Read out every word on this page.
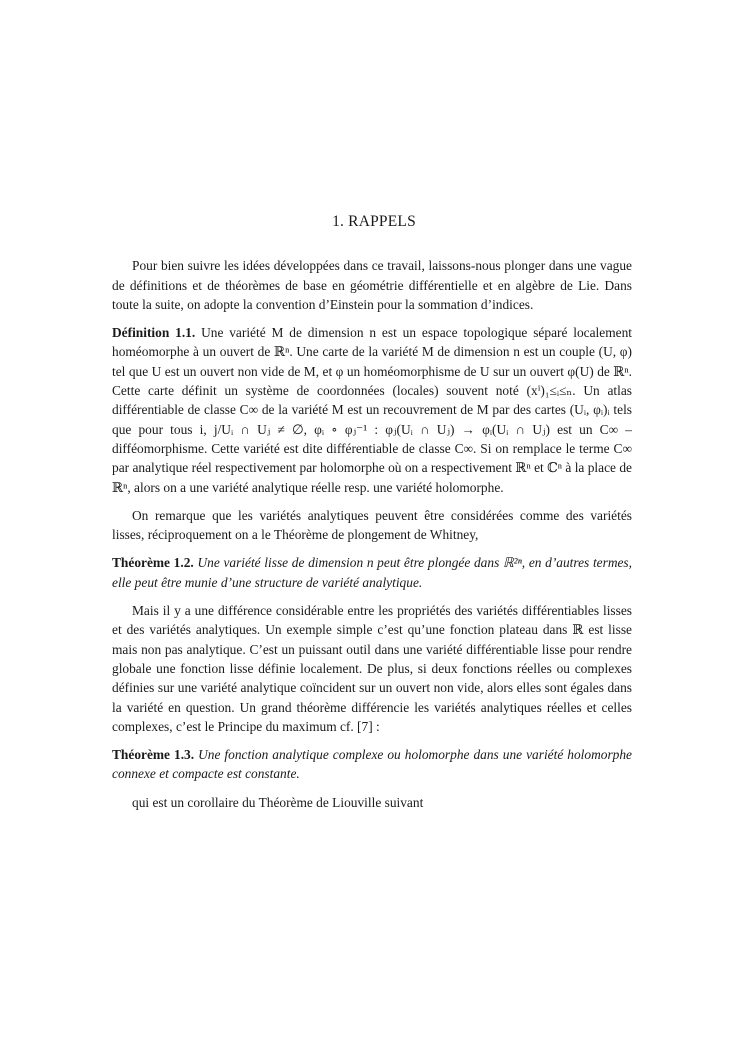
1. RAPPELS

Pour bien suivre les idées développées dans ce travail, laissons-nous plonger dans une vague de définitions et de théorèmes de base en géométrie différentielle et en algèbre de Lie. Dans toute la suite, on adopte la convention d’Einstein pour la sommation d’indices.

Définition 1.1. Une variété M de dimension n est un espace topologique séparé localement homéomorphe à un ouvert de ℝⁿ. Une carte de la variété M de dimension n est un couple (U, φ) tel que U est un ouvert non vide de M, et φ un homéomorphisme de U sur un ouvert φ(U) de ℝⁿ. Cette carte définit un système de coordonnées (locales) souvent noté (xⁱ)₁≤ᵢ≤ₙ. Un atlas différentiable de classe C∞ de la variété M est un recouvrement de M par des cartes (Uᵢ, φᵢ)ᵢ tels que pour tous i, j/Uᵢ ∩ Uⱼ ≠ ∅, φᵢ ∘ φⱼ⁻¹ : φⱼ(Uᵢ ∩ Uⱼ) → φᵢ(Uᵢ ∩ Uⱼ) est un C∞ – difféomorphisme. Cette variété est dite différentiable de classe C∞. Si on remplace le terme C∞ par analytique réel respectivement par holomorphe où on a respectivement ℝⁿ et ℂⁿ à la place de ℝⁿ, alors on a une variété analytique réelle resp. une variété holomorphe.

On remarque que les variétés analytiques peuvent être considérées comme des variétés lisses, réciproquement on a le Théorème de plongement de Whitney,

Théorème 1.2. Une variété lisse de dimension n peut être plongée dans ℝ²ⁿ, en d’autres termes, elle peut être munie d’une structure de variété analytique.

Mais il y a une différence considérable entre les propriétés des variétés différentiables lisses et des variétés analytiques. Un exemple simple c’est qu’une fonction plateau dans ℝ est lisse mais non pas analytique. C’est un puissant outil dans une variété différentiable lisse pour rendre globale une fonction lisse définie localement. De plus, si deux fonctions réelles ou complexes définies sur une variété analytique coïncident sur un ouvert non vide, alors elles sont égales dans la variété en question. Un grand théorème différencie les variétés analytiques réelles et celles complexes, c’est le Principe du maximum cf. [7] :

Théorème 1.3. Une fonction analytique complexe ou holomorphe dans une variété holomorphe connexe et compacte est constante.

qui est un corollaire du Théorème de Liouville suivant
